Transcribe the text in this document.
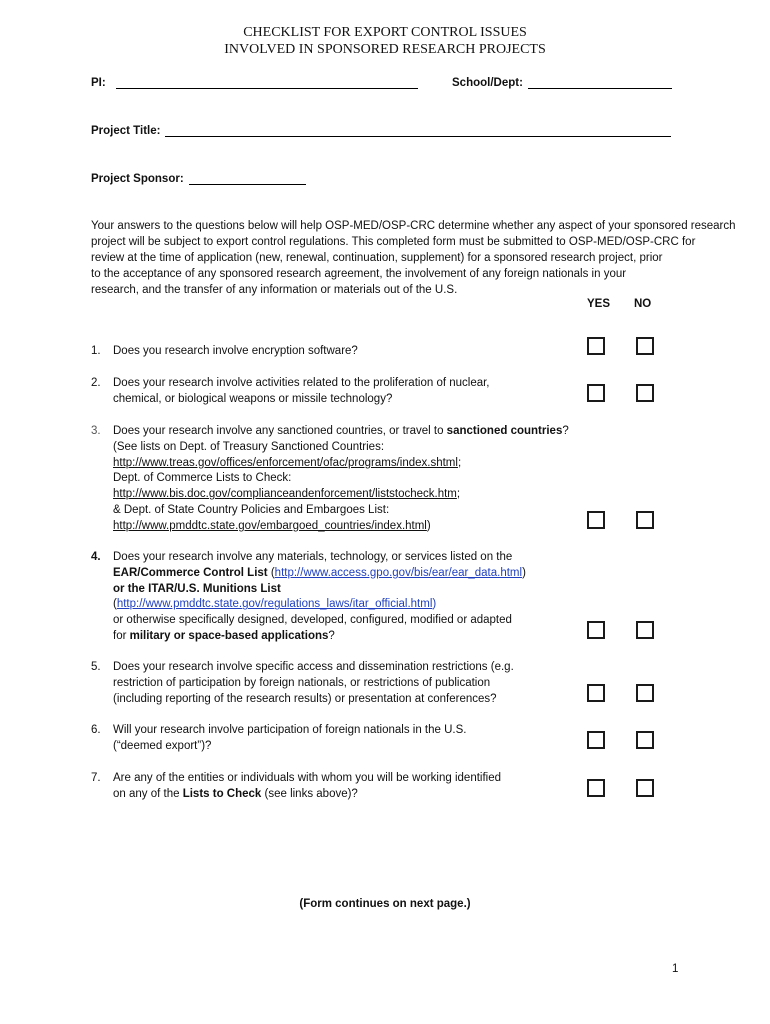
CHECKLIST FOR EXPORT CONTROL ISSUES
INVOLVED IN SPONSORED RESEARCH PROJECTS
PI:	School/Dept:
Project Title:
Project Sponsor:

Your answers to the questions below will help OSP-MED/OSP-CRC determine whether any aspect of your sponsored research

project will be subject to export control regulations. This completed form must be submitted to OSP-MED/OSP-CRC for

review at the time of application (new, renewal, continuation, supplement) for a sponsored research project, prior

to the acceptance of any sponsored research agreement, the involvement of any foreign nationals in your

research, and the transfer of any information or materials out of the U.S.

YES NO
1. Does you research involve encryption software?
2. Does your research involve activities related to the proliferation of nuclear,
chemical, or biological weapons or missile technology?
3. Does your research involve any sanctioned countries, or travel to sanctioned countries?
(See lists on Dept. of Treasury Sanctioned Countries:
http://www.treas.gov/offices/enforcement/ofac/programs/index.shtml;
Dept. of Commerce Lists to Check:
http://www.bis.doc.gov/complianceandenforcement/liststocheck.htm;
& Dept. of State Country Policies and Embargoes List:
http://www.pmddtc.state.gov/embargoed_countries/index.html)
4. Does your research involve any materials, technology, or services listed on the
EAR/Commerce Control List (http://www.access.gpo.gov/bis/ear/ear_data.html)
or the ITAR/U.S. Munitions List
(http://www.pmddtc.state.gov/regulations_laws/itar_official.html)
or otherwise specifically designed, developed, configured, modified or adapted
for military or space-based applications?
5. Does your research involve specific access and dissemination restrictions (e.g.
restriction of participation by foreign nationals, or restrictions of publication
(including reporting of the research results) or presentation at conferences?
6. Will your research involve participation of foreign nationals in the U.S.
(“deemed export”)?
7. Are any of the entities or individuals with whom you will be working identified
on any of the Lists to Check (see links above)?
(Form continues on next page.)
1
